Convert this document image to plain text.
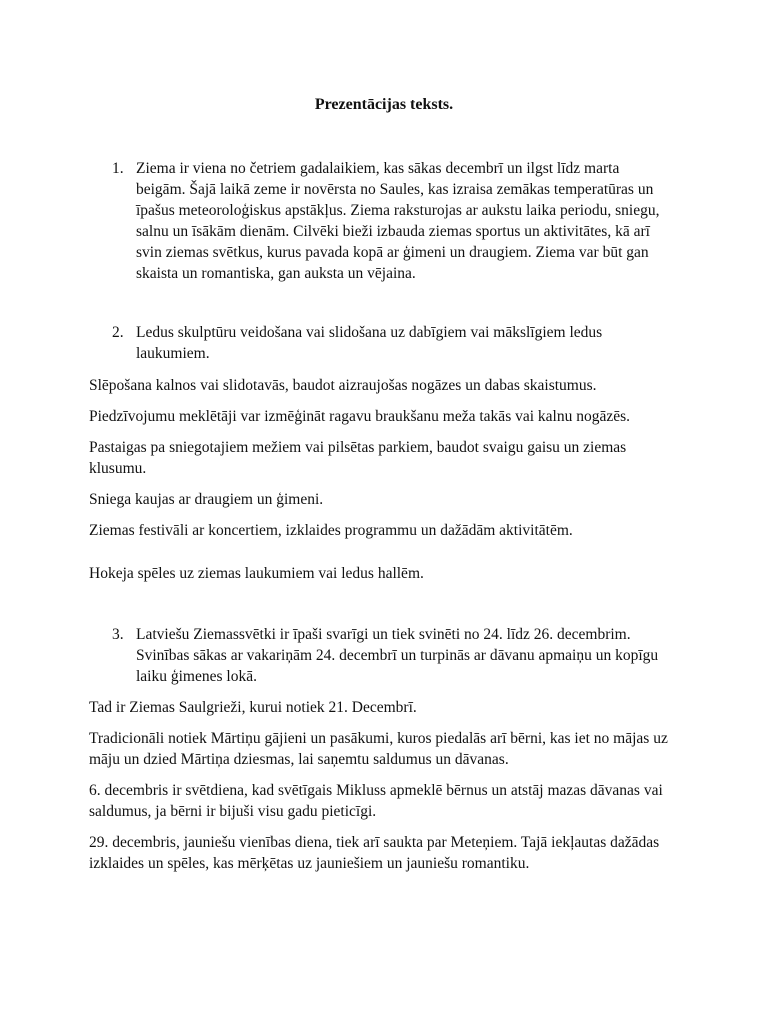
Prezentācijas teksts.
1. Ziema ir viena no četriem gadalaikiem, kas sākas decembrī un ilgst līdz marta beigām. Šajā laikā zeme ir novērsta no Saules, kas izraisa zemākas temperatūras un īpašus meteoroloģiskus apstākļus. Ziema raksturojas ar aukstu laika periodu, sniegu, salnu un īsākām dienām. Cilvēki bieži izbauda ziemas sportus un aktivitātes, kā arī svin ziemas svētkus, kurus pavada kopā ar ģimeni un draugiem. Ziema var būt gan skaista un romantiska, gan auksta un vējaina.
2. Ledus skulptūru veidošana vai slidošana uz dabīgiem vai mākslīgiem ledus laukumiem.

Slēpošana kalnos vai slidotavās, baudot aizraujošas nogāzes un dabas skaistumus.

Piedzīvojumu meklētāji var izmēģināt ragavu braukšanu meža takās vai kalnu nogāzēs.

Pastaigas pa sniegotajiem mežiem vai pilsētas parkiem, baudot svaigu gaisu un ziemas klusumu.

Sniega kaujas ar draugiem un ģimeni.

Ziemas festivāli ar koncertiem, izklaides programmu un dažādām aktivitātēm.

Hokeja spēles uz ziemas laukumiem vai ledus hallēm.

3. Latviešu Ziemassvētki ir īpaši svarīgi un tiek svinēti no 24. līdz 26. decembrim. Svinības sākas ar vakariņām 24. decembrī un turpinās ar dāvanu apmaiņu un kopīgu laiku ģimenes lokā.

Tad ir Ziemas Saulgrieži, kurui notiek 21. Decembrī.

Tradicionāli notiek Mārtiņu gājieni un pasākumi, kuros piedalās arī bērni, kas iet no mājas uz māju un dzied Mārtiņa dziesmas, lai saņemtu saldumus un dāvanas.

6. decembris ir svētdiena, kad svētīgais Mikluss apmeklē bērnus un atstāj mazas dāvanas vai saldumus, ja bērni ir bijuši visu gadu pieticīgi.

29. decembris, jauniešu vienības diena, tiek arī saukta par Meteņiem. Tajā iekļautas dažādas izklaides un spēles, kas mērķētas uz jauniešiem un jauniešu romantiku.
